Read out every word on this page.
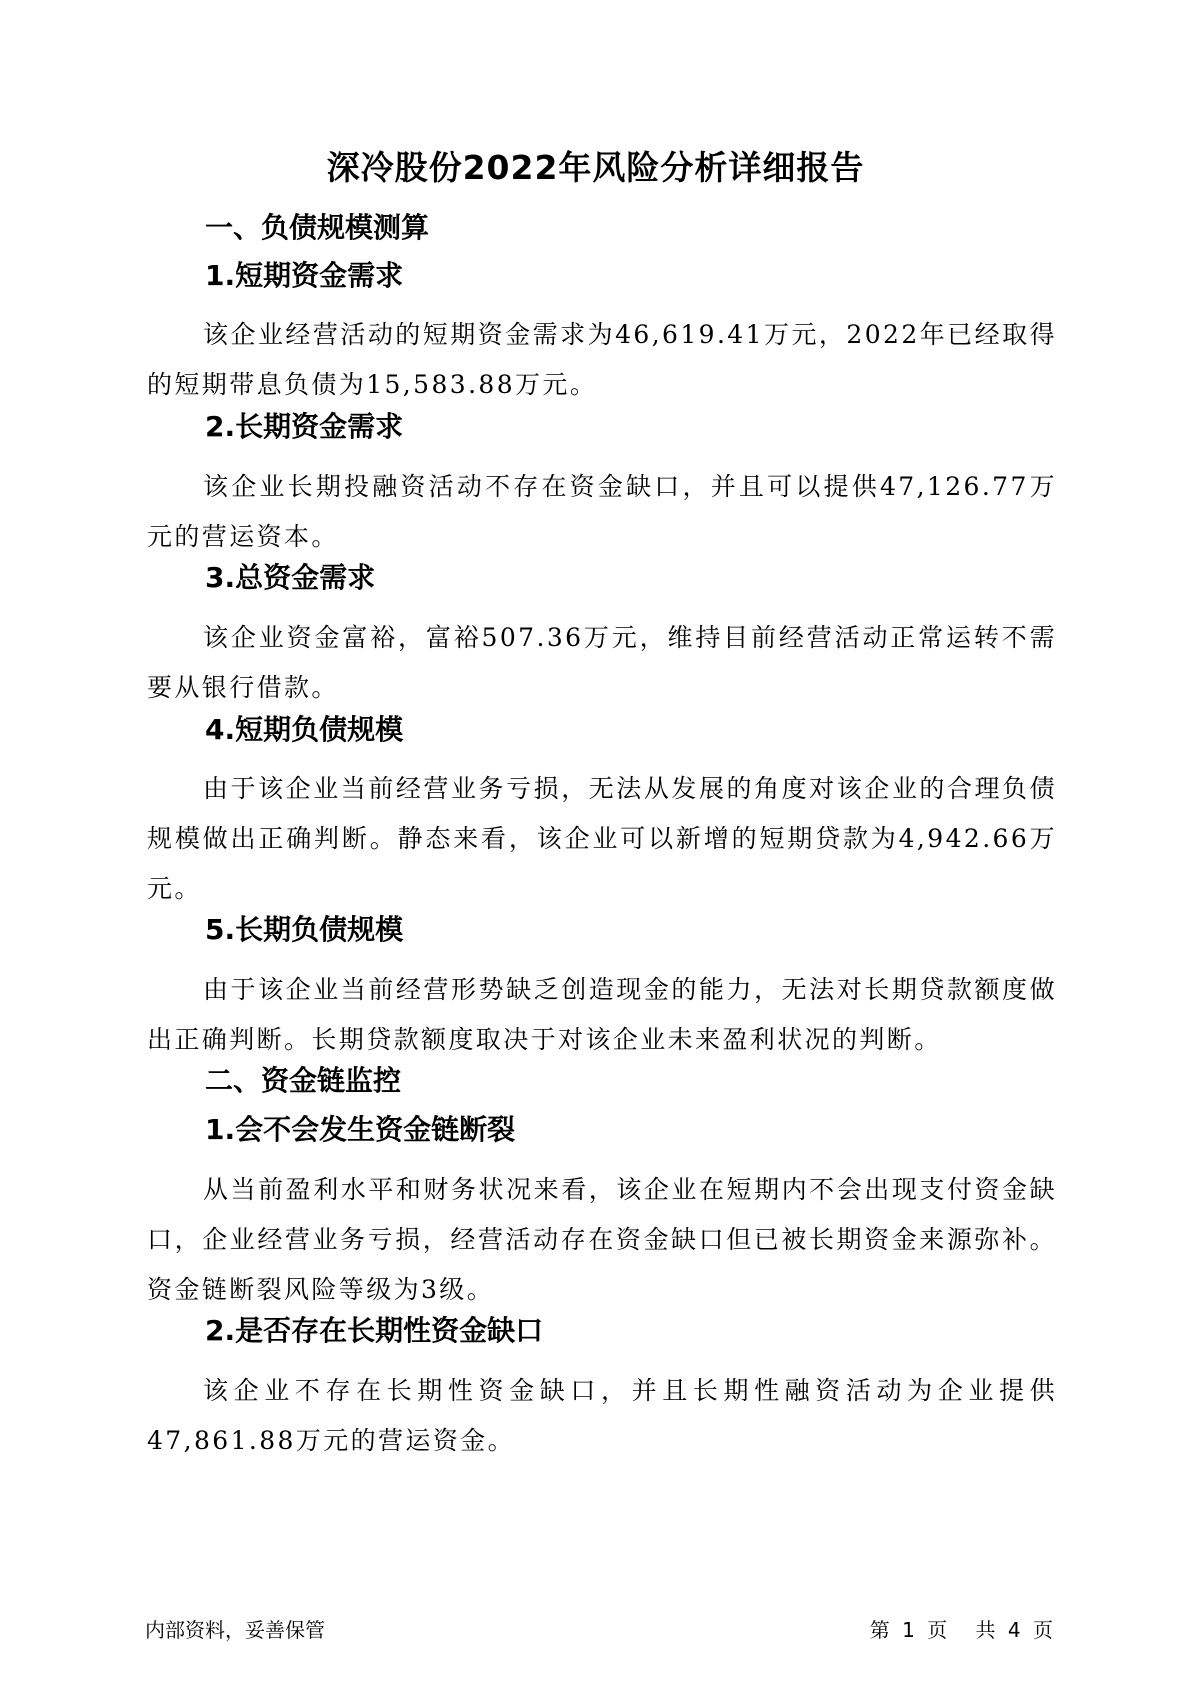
深冷股份2022年风险分析详细报告
一、负债规模测算
1.短期资金需求
该企业经营活动的短期资金需求为46,619.41万元，2022年已经取得的短期带息负债为15,583.88万元。
2.长期资金需求
该企业长期投融资活动不存在资金缺口，并且可以提供47,126.77万元的营运资本。
3.总资金需求
该企业资金富裕，富裕507.36万元，维持目前经营活动正常运转不需要从银行借款。
4.短期负债规模
由于该企业当前经营业务亏损，无法从发展的角度对该企业的合理负债规模做出正确判断。静态来看，该企业可以新增的短期贷款为4,942.66万元。
5.长期负债规模
由于该企业当前经营形势缺乏创造现金的能力，无法对长期贷款额度做出正确判断。长期贷款额度取决于对该企业未来盈利状况的判断。
二、资金链监控
1.会不会发生资金链断裂
从当前盈利水平和财务状况来看，该企业在短期内不会出现支付资金缺口，企业经营业务亏损，经营活动存在资金缺口但已被长期资金来源弥补。资金链断裂风险等级为3级。
2.是否存在长期性资金缺口
该企业不存在长期性资金缺口，并且长期性融资活动为企业提供47,861.88万元的营运资金。
内部资料，妥善保管	第 1 页 共 4 页
